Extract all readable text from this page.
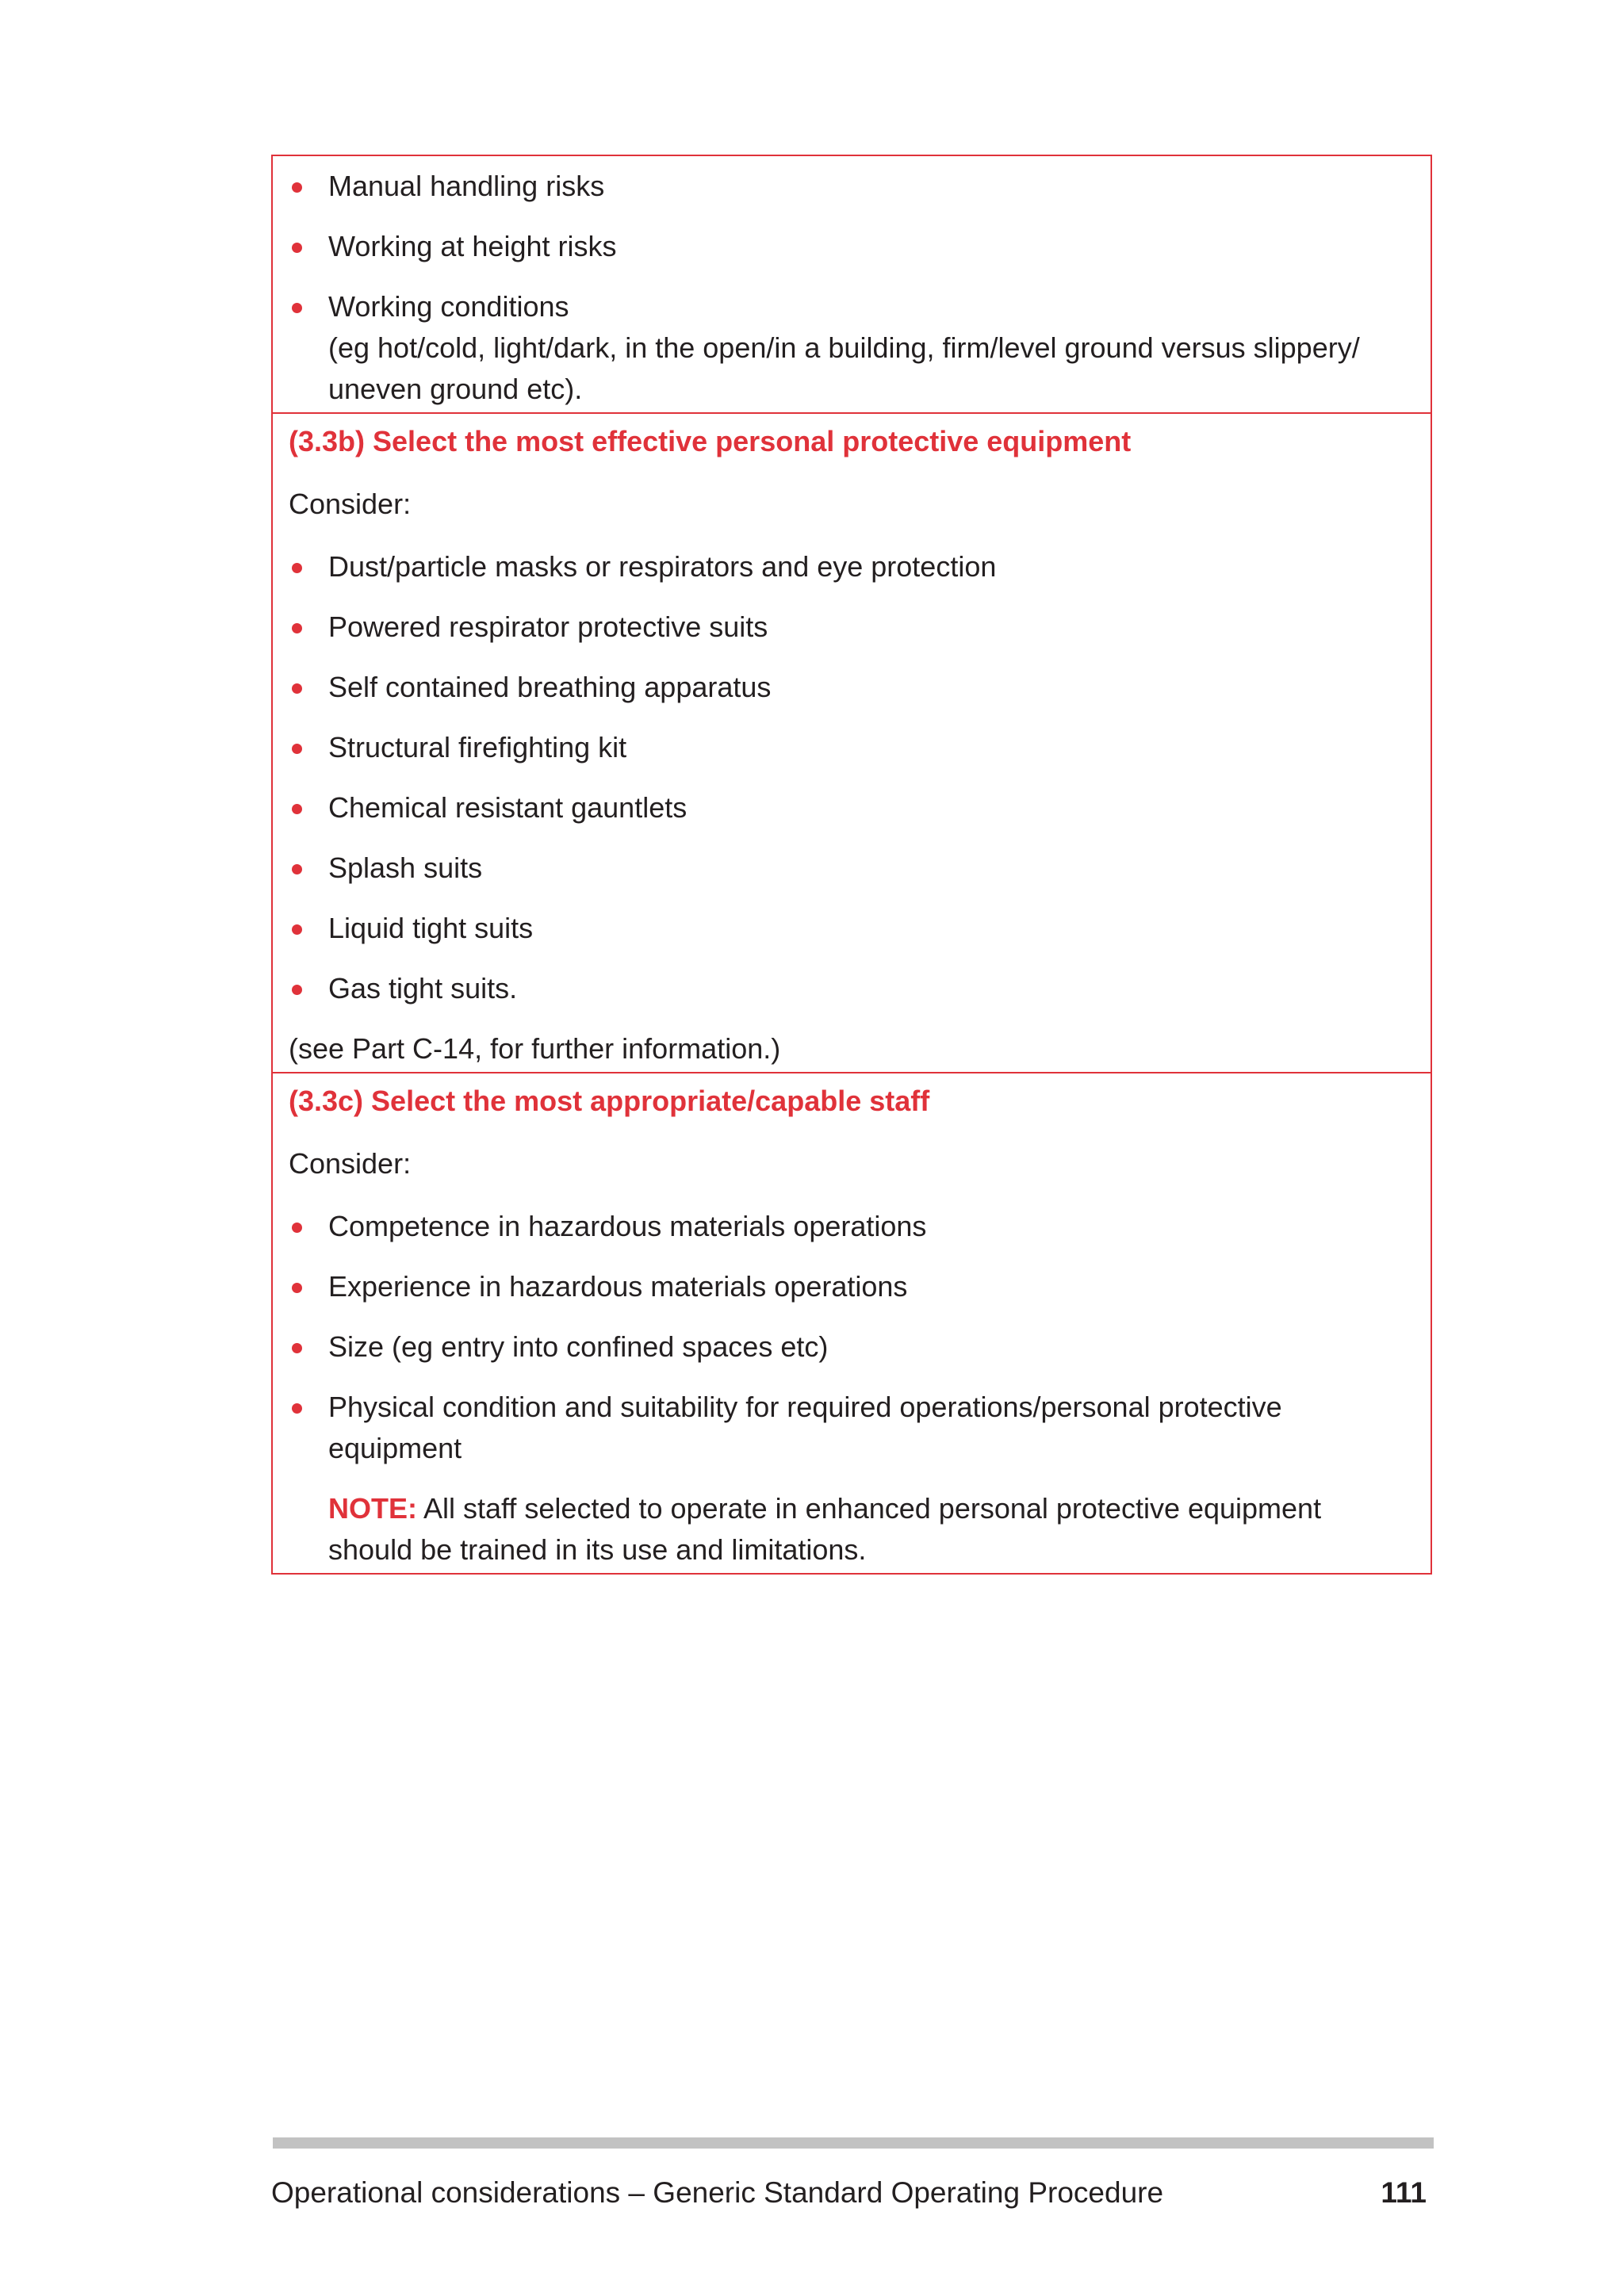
Manual handling risks
Working at height risks
Working conditions
(eg hot/cold, light/dark, in the open/in a building, firm/level ground versus slippery/ uneven ground etc).
(3.3b) Select the most effective personal protective equipment
Consider:
Dust/particle masks or respirators and eye protection
Powered respirator protective suits
Self contained breathing apparatus
Structural firefighting kit
Chemical resistant gauntlets
Splash suits
Liquid tight suits
Gas tight suits.
(see Part C-14, for further information.)
(3.3c) Select the most appropriate/capable staff
Consider:
Competence in hazardous materials operations
Experience in hazardous materials operations
Size (eg entry into confined spaces etc)
Physical condition and suitability for required operations/personal protective equipment
NOTE: All staff selected to operate in enhanced personal protective equipment should be trained in its use and limitations.
Operational considerations – Generic Standard Operating Procedure	111
